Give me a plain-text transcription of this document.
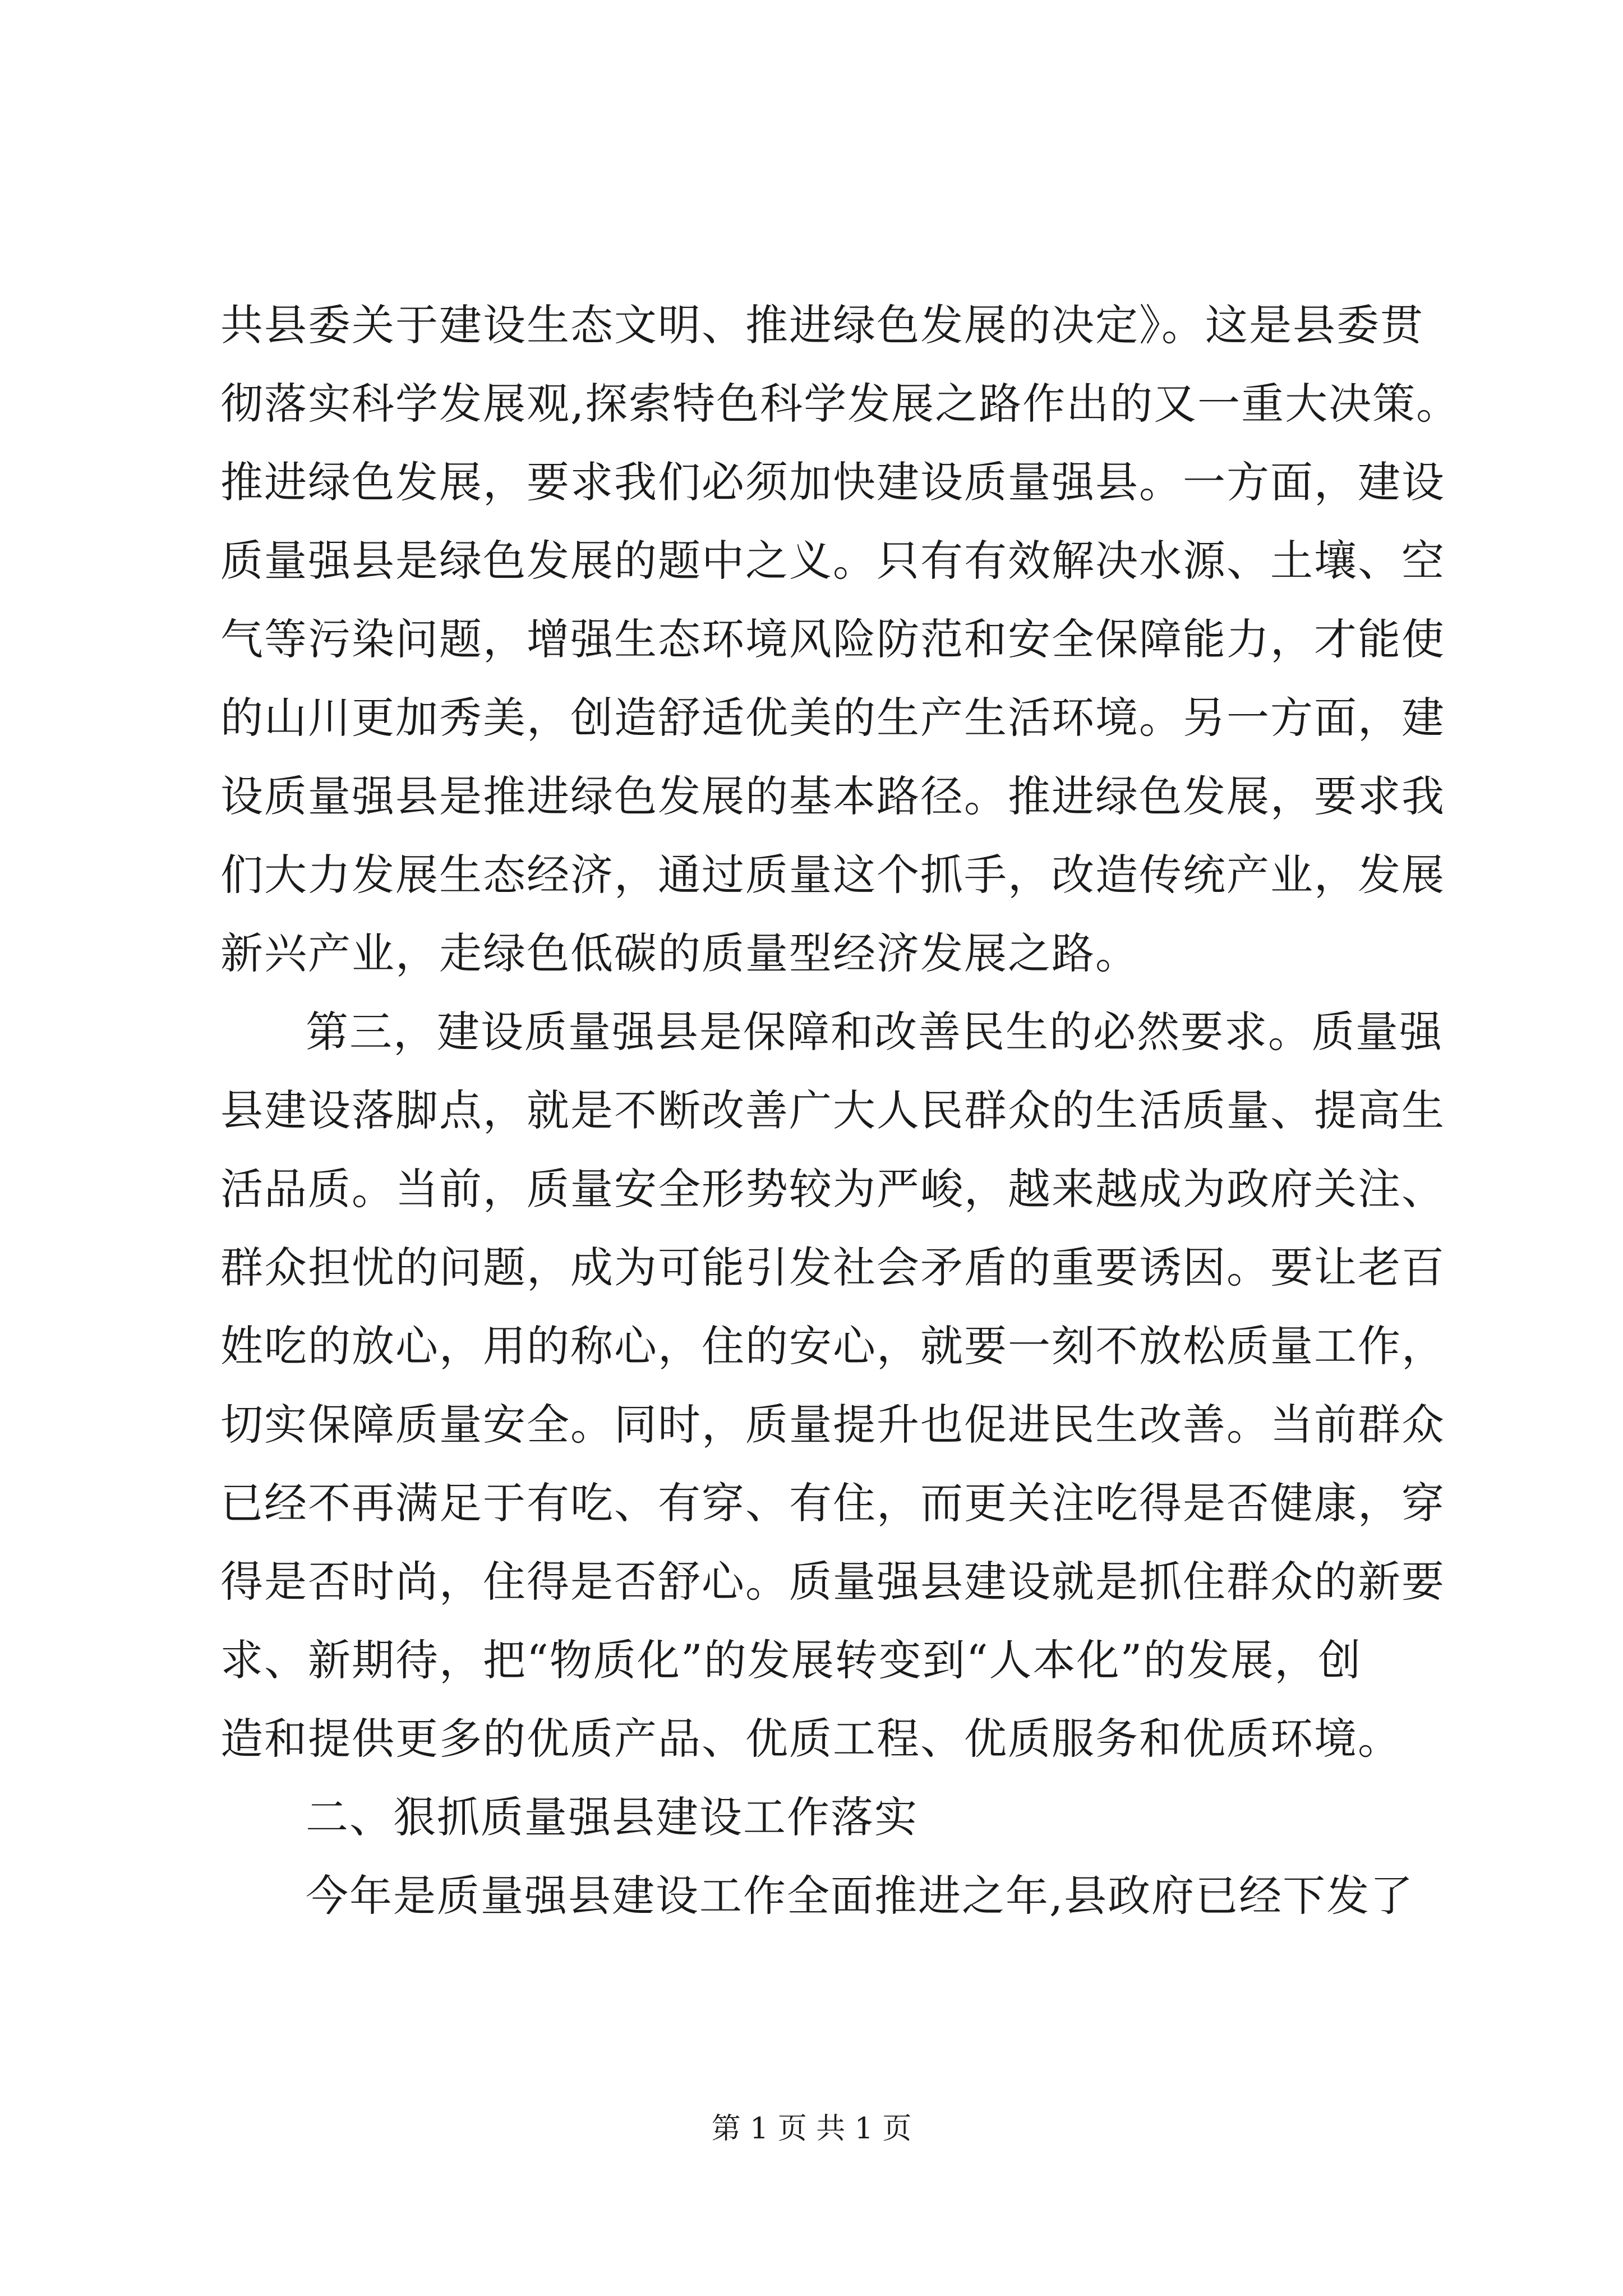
共县委关于建设生态文明、推进绿色发展的决定》。这是县委贯
彻落实科学发展观,探索特色科学发展之路作出的又一重大决策。
推进绿色发展，要求我们必须加快建设质量强县。一方面，建设
质量强县是绿色发展的题中之义。只有有效解决水源、土壤、空
气等污染问题，增强生态环境风险防范和安全保障能力，才能使
的山川更加秀美，创造舒适优美的生产生活环境。另一方面，建
设质量强县是推进绿色发展的基本路径。推进绿色发展，要求我
们大力发展生态经济，通过质量这个抓手，改造传统产业，发展
新兴产业，走绿色低碳的质量型经济发展之路。
第三，建设质量强县是保障和改善民生的必然要求。质量强
县建设落脚点，就是不断改善广大人民群众的生活质量、提高生
活品质。当前，质量安全形势较为严峻，越来越成为政府关注、
群众担忧的问题，成为可能引发社会矛盾的重要诱因。要让老百
姓吃的放心，用的称心，住的安心，就要一刻不放松质量工作，
切实保障质量安全。同时，质量提升也促进民生改善。当前群众
已经不再满足于有吃、有穿、有住，而更关注吃得是否健康，穿
得是否时尚，住得是否舒心。质量强县建设就是抓住群众的新要
求、新期待，把“物质化”的发展转变到“人本化”的发展，创
造和提供更多的优质产品、优质工程、优质服务和优质环境。
二、狠抓质量强县建设工作落实
今年是质量强县建设工作全面推进之年,县政府已经下发了
第 1 页 共 1 页
